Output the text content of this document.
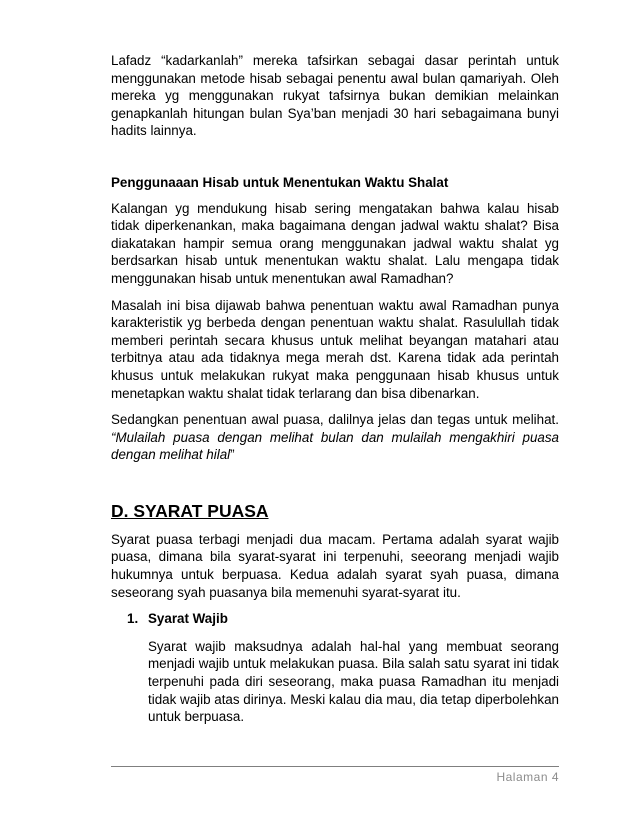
Lafadz “kadarkanlah” mereka tafsirkan sebagai dasar perintah untuk menggunakan metode hisab sebagai penentu awal bulan qamariyah. Oleh mereka yg menggunakan rukyat tafsirnya bukan demikian melainkan genapkanlah hitungan bulan Sya’ban menjadi 30 hari sebagaimana bunyi hadits lainnya.

Penggunaaan Hisab untuk Menentukan Waktu Shalat

Kalangan yg mendukung hisab sering mengatakan bahwa kalau hisab tidak diperkenankan, maka bagaimana dengan jadwal waktu shalat? Bisa diakatakan hampir semua orang menggunakan jadwal waktu shalat yg berdsarkan hisab untuk menentukan waktu shalat. Lalu mengapa tidak menggunakan hisab untuk menentukan awal Ramadhan?

Masalah ini bisa dijawab bahwa penentuan waktu awal Ramadhan punya karakteristik yg berbeda dengan penentuan waktu shalat. Rasulullah tidak memberi perintah secara khusus untuk melihat beyangan matahari atau terbitnya atau ada tidaknya mega merah dst. Karena tidak ada perintah khusus untuk melakukan rukyat maka penggunaan hisab khusus untuk menetapkan waktu shalat tidak terlarang dan bisa dibenarkan.

Sedangkan penentuan awal puasa, dalilnya jelas dan tegas untuk melihat. “Mulailah puasa dengan melihat bulan dan mulailah mengakhiri puasa dengan melihat hilal”

D. SYARAT PUASA

Syarat puasa terbagi menjadi dua macam. Pertama adalah syarat wajib puasa, dimana bila syarat-syarat ini terpenuhi, seeorang menjadi wajib hukumnya untuk berpuasa. Kedua adalah syarat syah puasa, dimana seseorang syah puasanya bila memenuhi syarat-syarat itu.

1. Syarat Wajib

Syarat wajib maksudnya adalah hal-hal yang membuat seorang menjadi wajib untuk melakukan puasa. Bila salah satu syarat ini tidak terpenuhi pada diri seseorang, maka puasa Ramadhan itu menjadi tidak wajib atas dirinya. Meski kalau dia mau, dia tetap diperbolehkan untuk berpuasa.

Halaman 4
